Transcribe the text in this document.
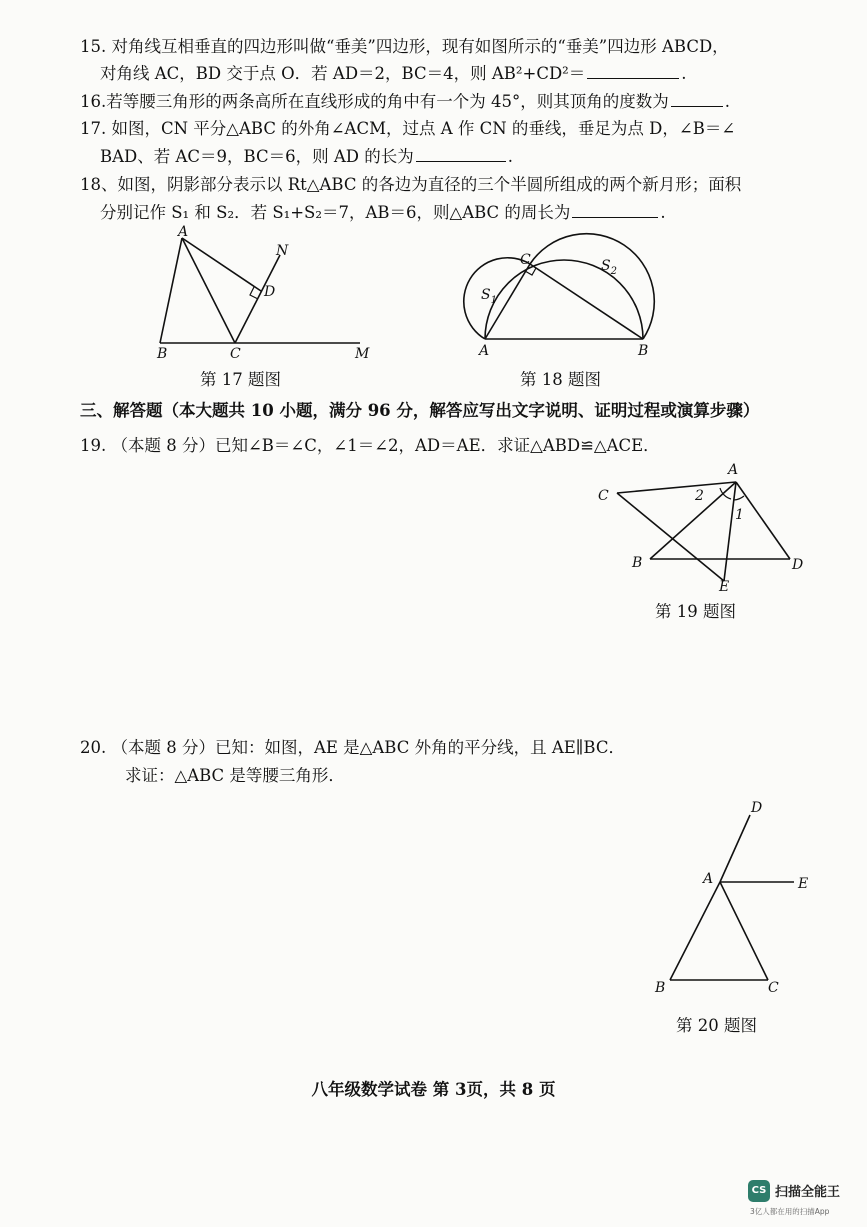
15. 对角线互相垂直的四边形叫做“垂美”四边形，现有如图所示的“垂美”四边形 ABCD，
对角线 AC，BD 交于点 O．若 AD＝2，BC＝4，则 AB²+CD²＝	.
16.若等腰三角形的两条高所在直线形成的角中有一个为 45°，则其顶角的度数为	.
17. 如图，CN 平分△ABC 的外角∠ACM，过点 A 作 CN 的垂线，垂足为点 D，∠B＝∠
BAD、若 AC＝9，BC＝6，则 AD 的长为	.
18、如图，阴影部分表示以 Rt△ABC 的各边为直径的三个半圆所组成的两个新月形；面积
分别记作 S₁ 和 S₂．若 S₁+S₂＝7，AB＝6，则△ABC 的周长为	.
A
N
D
B	C	M
第 17 题图
C
$S_1$
$S_2$
A	B
第 18 题图
三、解答题（本大题共 10 小题，满分 96 分，解答应写出文字说明、证明过程或演算步骤）
19. （本题 8 分）已知∠B＝∠C，∠1＝∠2，AD＝AE．求证△ABD≌△ACE．
A
C	2
1
B
E
D
第 19 题图
20. （本题 8 分）已知：如图，AE 是△ABC 外角的平分线，且 AE∥BC．
求证：△ABC 是等腰三角形．
D
A	E
B	C
第 20 题图
八年级数学试卷 第 3页，共 8 页
CS 扫描全能王
3亿人都在用的扫描App
